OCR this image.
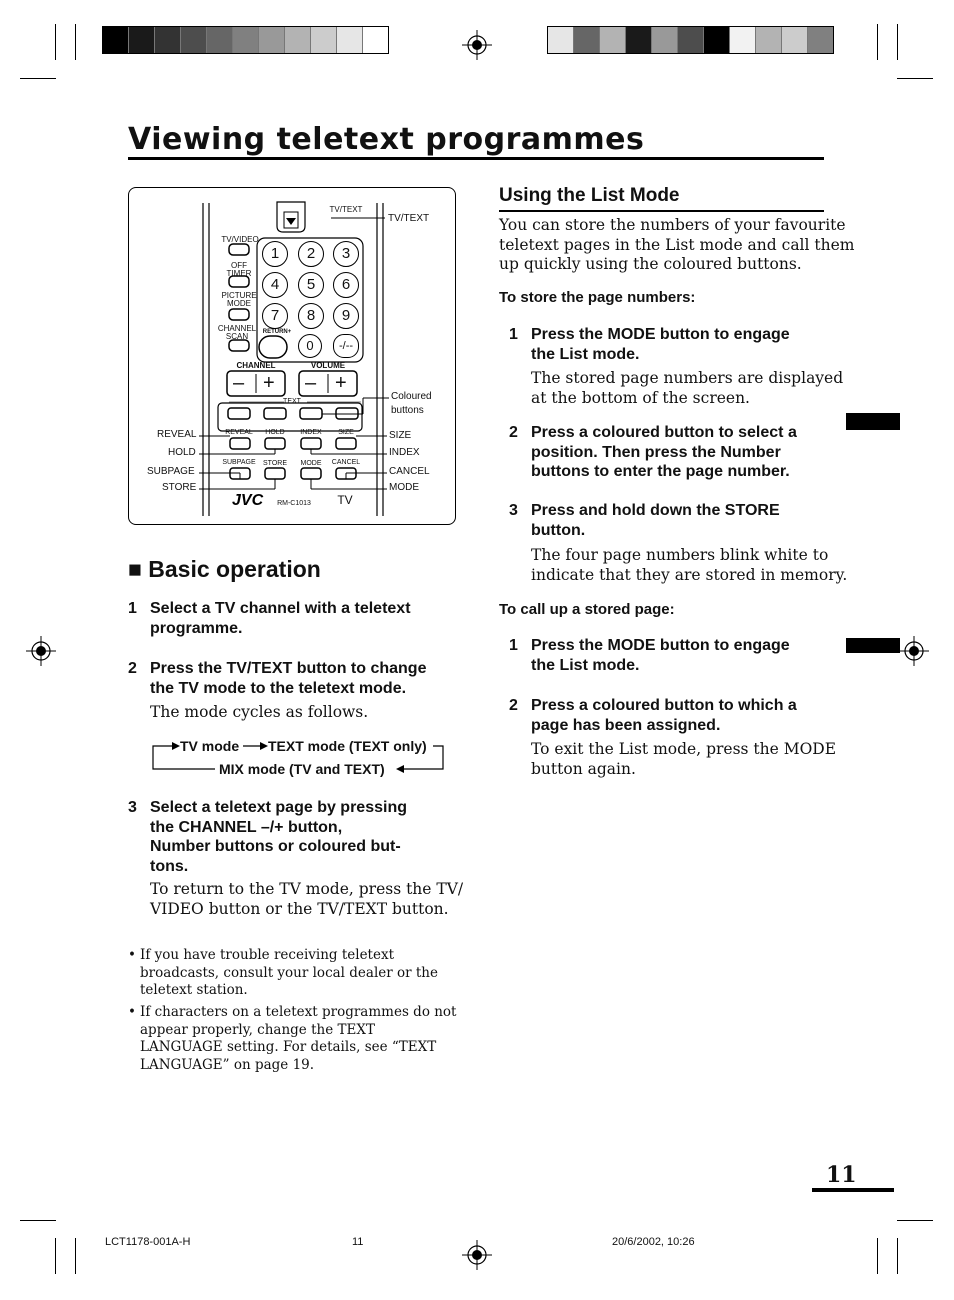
Viewing teletext programmes
JVC
TV/TEXT
TV/VIDEO
OFF
TIMER
PICTURE
MODE
CHANNEL
SCAN	RETURN+
1	2	3
4	5	6
7	8	9
0	-/--
CHANNEL	VOLUME
– + – +
TEXT
REVEAL	HOLD	INDEX	SIZE
SUBPAGE	STORE	MODE	CANCEL
RM-C1013	TV
TV/TEXT
Coloured
buttons
REVEAL
HOLD
SUBPAGE
STORE
SIZE
INDEX
CANCEL
MODE
■ Basic operation
1 Select a TV channel with a teletext
programme.
2 Press the TV/TEXT button to change
the TV mode to the teletext mode.
The mode cycles as follows.
TV mode TEXT mode (TEXT only)
MIX mode (TV and TEXT)
3 Select a teletext page by pressing
the CHANNEL –/+ button,
Number buttons or coloured but-
tons.
To return to the TV mode, press the TV/
VIDEO button or the TV/TEXT button.
• If you have trouble receiving teletext
broadcasts, consult your local dealer or the
teletext station.
• If characters on a teletext programmes do not
appear properly, change the TEXT
LANGUAGE setting. For details, see “TEXT
LANGUAGE” on page 19.
Using the List Mode
You can store the numbers of your favourite
teletext pages in the List mode and call them
up quickly using the coloured buttons.
To store the page numbers:
1 Press the MODE button to engage
the List mode.
The stored page numbers are displayed
at the bottom of the screen.
2 Press a coloured button to select a
position. Then press the Number
buttons to enter the page number.
3 Press and hold down the STORE
button.
The four page numbers blink white to
indicate that they are stored in memory.
To call up a stored page:
1 Press the MODE button to engage
the List mode.
2 Press a coloured button to which a
page has been assigned.
To exit the List mode, press the MODE
button again.
11
LCT1178-001A-H	11	20/6/2002, 10:26
